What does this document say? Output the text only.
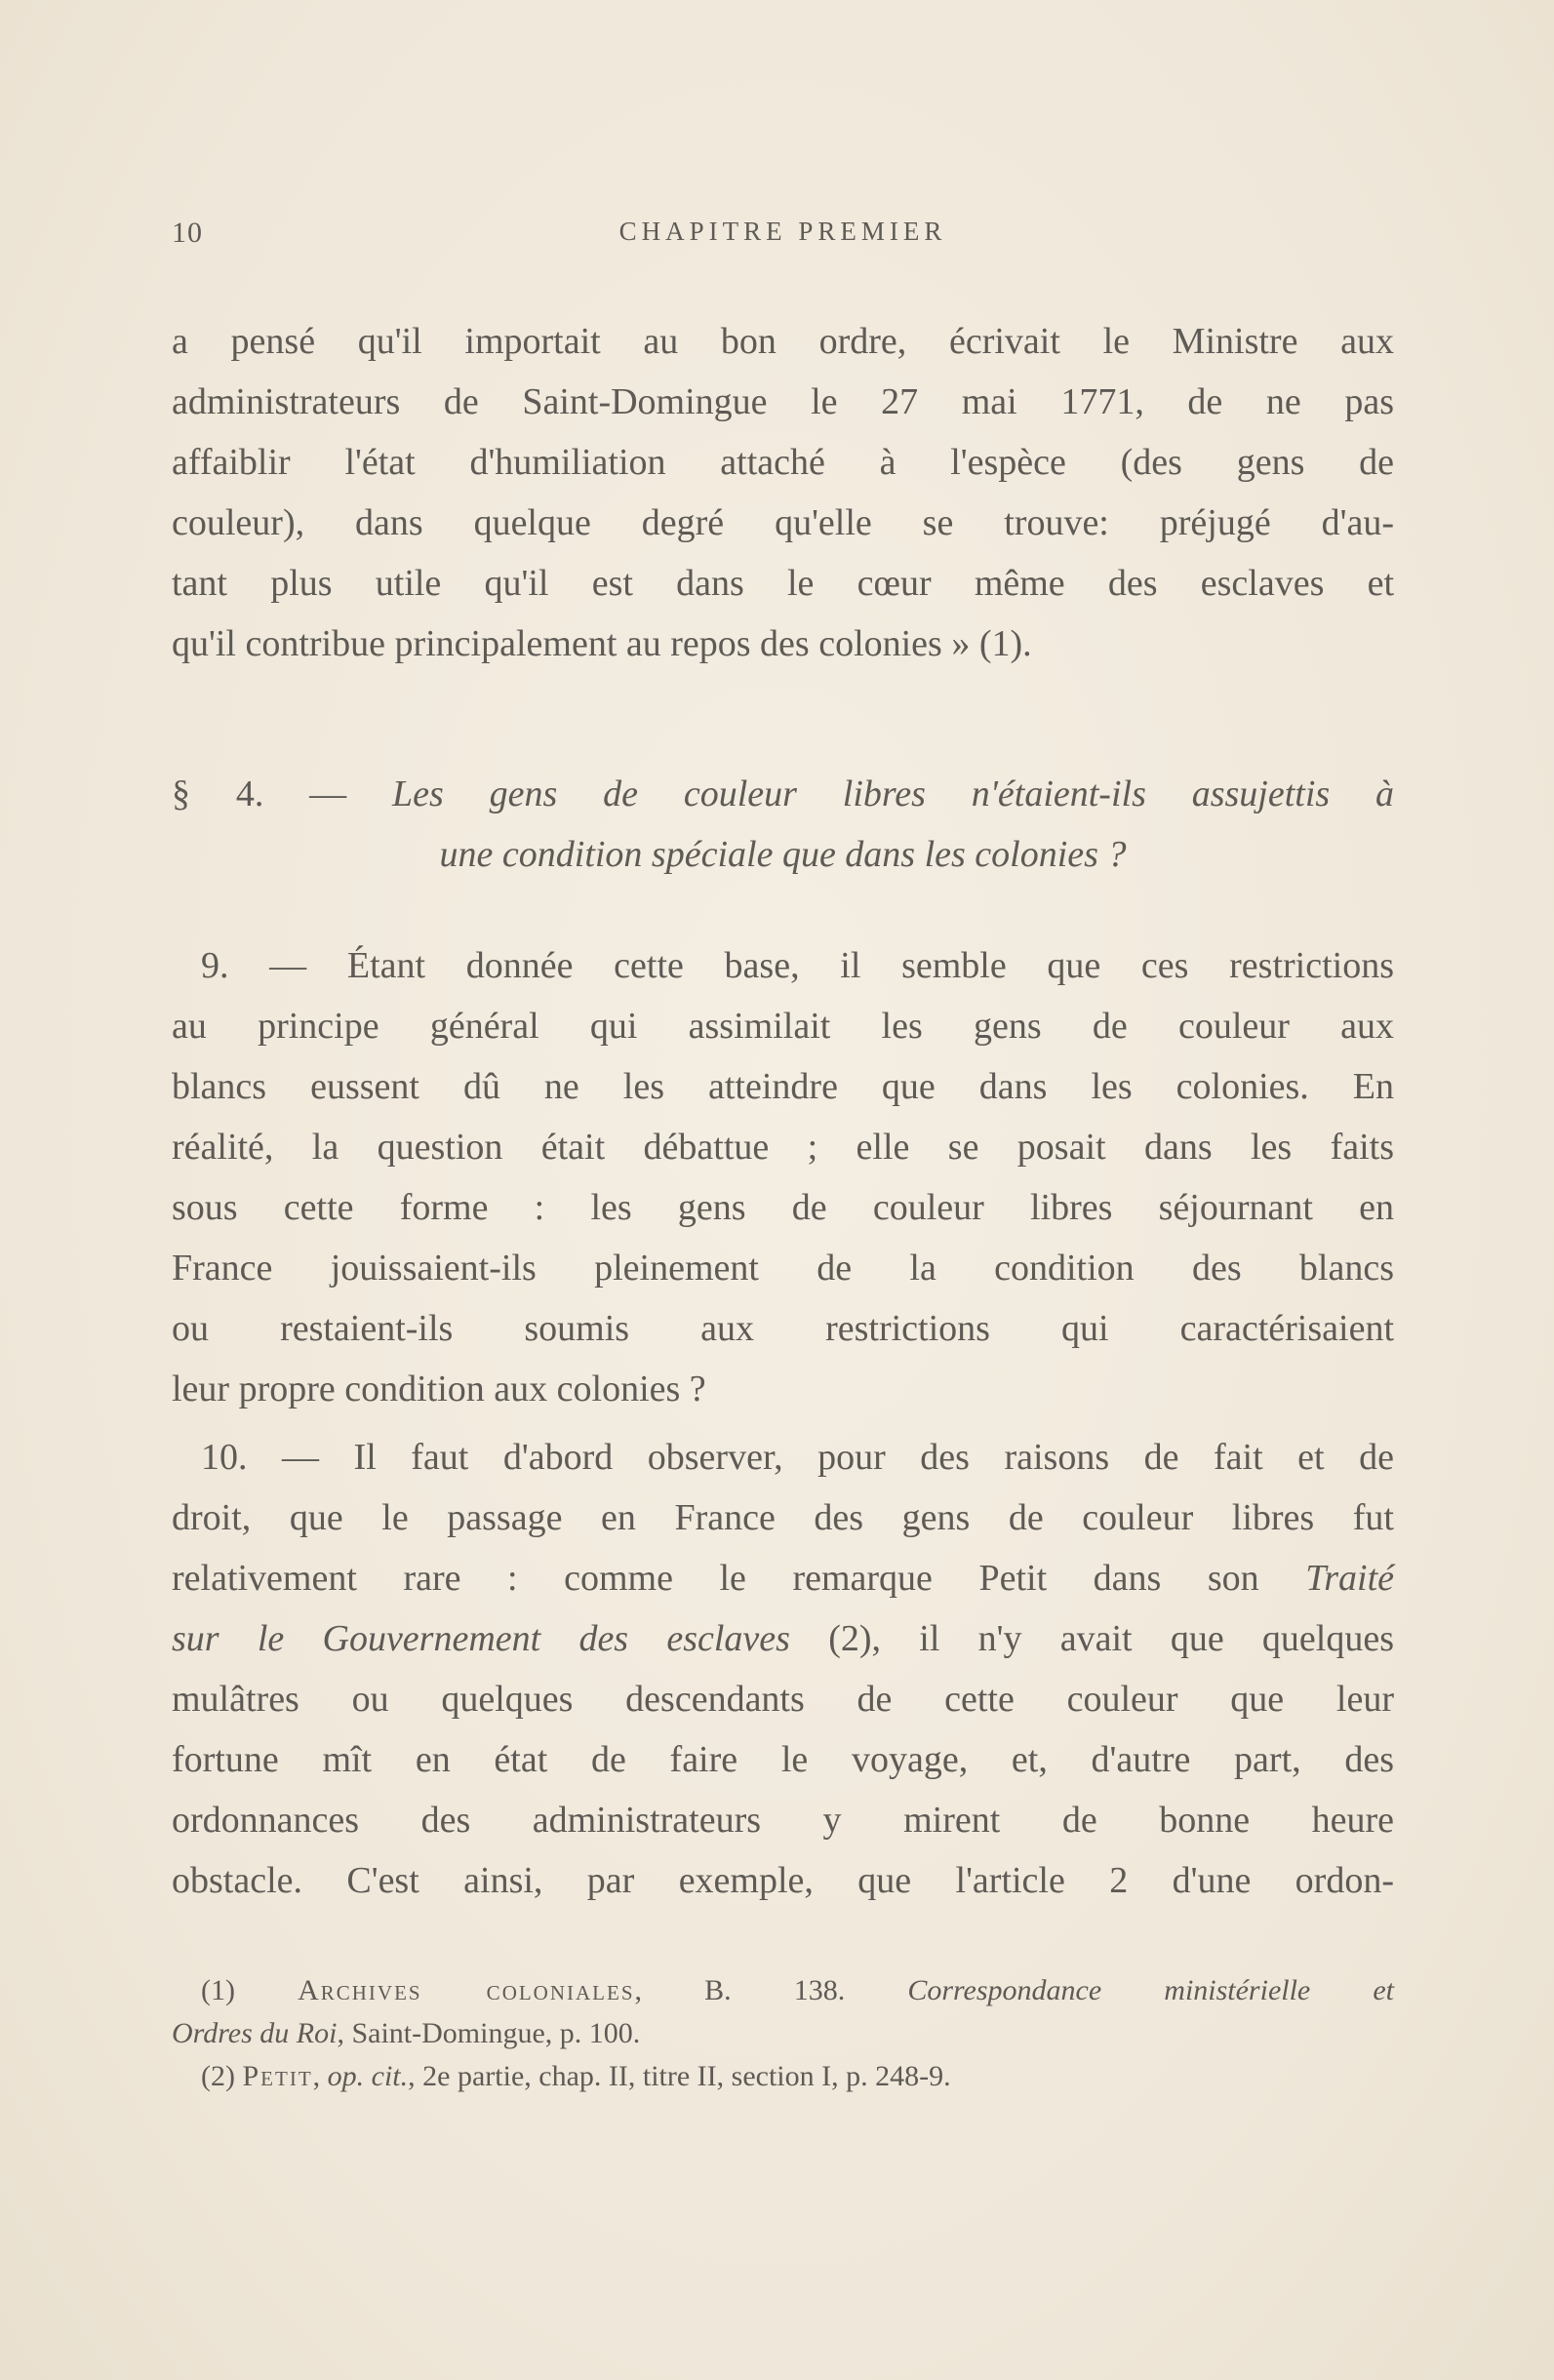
10	CHAPITRE PREMIER
a pensé qu'il importait au bon ordre, écrivait le Ministre aux
administrateurs de Saint-Domingue le 27 mai 1771, de ne pas
affaiblir l'état d'humiliation attaché à l'espèce (des gens de
couleur), dans quelque degré qu'elle se trouve: préjugé d'au-
tant plus utile qu'il est dans le cœur même des esclaves et
qu'il contribue principalement au repos des colonies » (1).
§ 4. — Les gens de couleur libres n'étaient-ils assujettis à
une condition spéciale que dans les colonies ?
9. — Étant donnée cette base, il semble que ces restrictions
au principe général qui assimilait les gens de couleur aux
blancs eussent dû ne les atteindre que dans les colonies. En
réalité, la question était débattue ; elle se posait dans les faits
sous cette forme : les gens de couleur libres séjournant en
France jouissaient-ils pleinement de la condition des blancs
ou restaient-ils soumis aux restrictions qui caractérisaient
leur propre condition aux colonies ?
10. — Il faut d'abord observer, pour des raisons de fait et de
droit, que le passage en France des gens de couleur libres fut
relativement rare : comme le remarque Petit dans son Traité
sur le Gouvernement des esclaves (2), il n'y avait que quelques
mulâtres ou quelques descendants de cette couleur que leur
fortune mît en état de faire le voyage, et, d'autre part, des
ordonnances des administrateurs y mirent de bonne heure
obstacle. C'est ainsi, par exemple, que l'article 2 d'une ordon-
(1) Archives coloniales, B. 138. Correspondance ministérielle et
Ordres du Roi, Saint-Domingue, p. 100.
(2) Petit, op. cit., 2e partie, chap. II, titre II, section I, p. 248-9.
